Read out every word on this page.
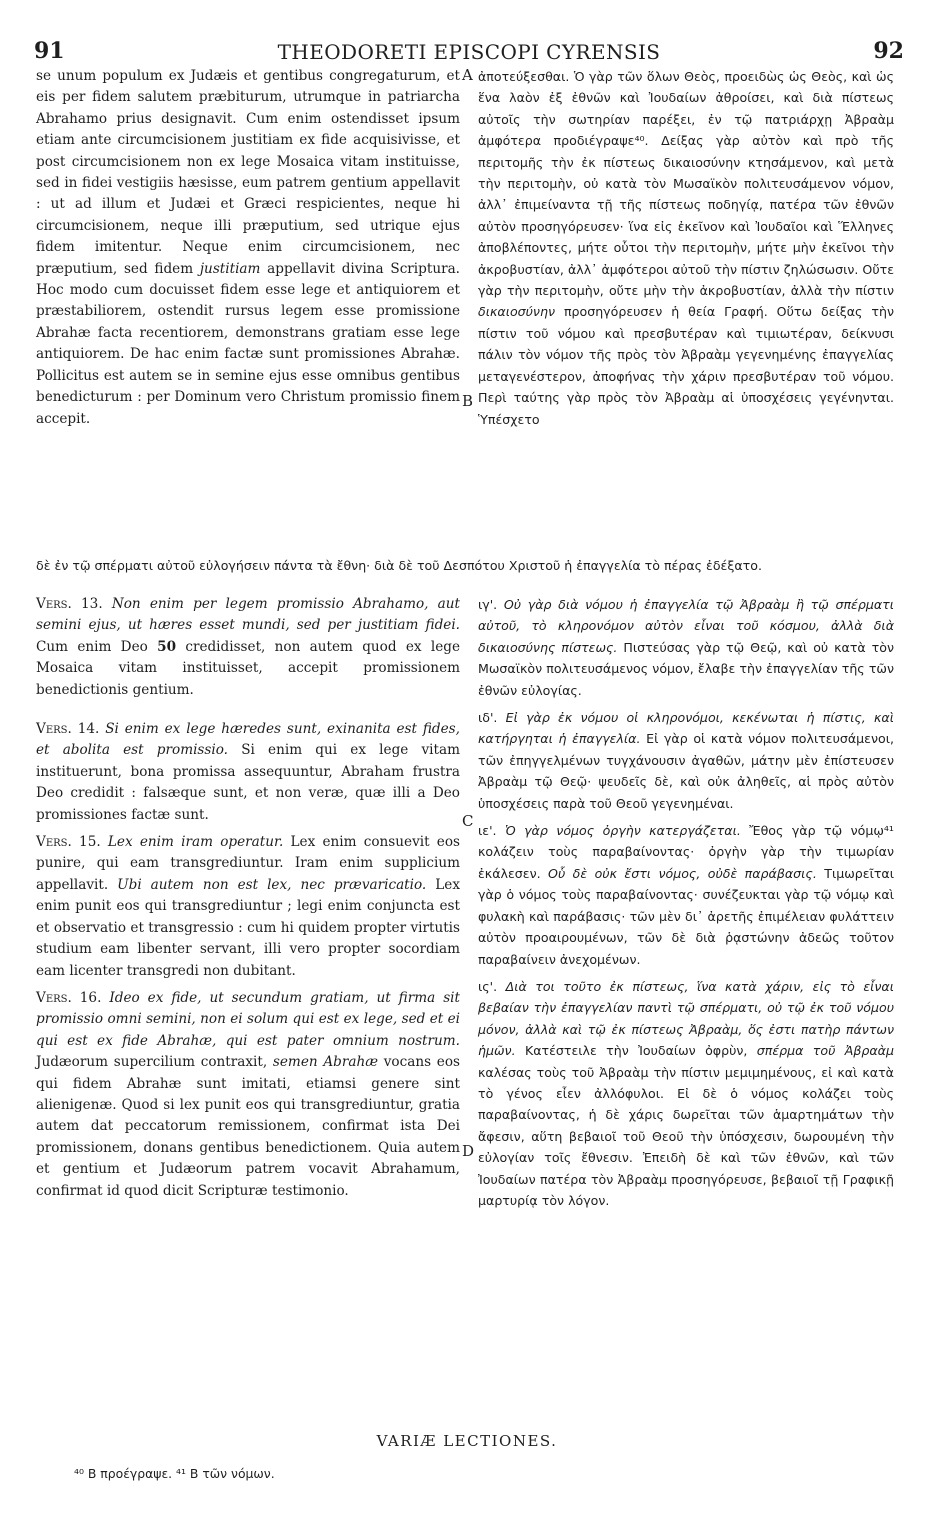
91	THEODORETI EPISCOPI CYRENSIS	92

se unum populum ex Judæis et gentibus congregaturum, et eis per fidem salutem præbiturum, utrumque in patriarcha Abrahamo prius designavit. Cum enim ostendisset ipsum etiam ante circumcisionem justitiam ex fide acquisivisse, et post circumcisionem non ex lege Mosaica vitam instituisse, sed in fidei vestigiis hæsisse, eum patrem gentium appellavit : ut ad illum et Judæi et Græci respicientes, neque hi circumcisionem, neque illi præputium, sed utrique ejus fidem imitentur. Neque enim circumcisionem, nec præputium, sed fidem justitiam appellavit divina Scriptura. Hoc modo cum docuisset fidem esse lege et antiquiorem et præstabiliorem, ostendit rursus legem esse promissione Abrahæ facta recentiorem, demonstrans gratiam esse lege antiquiorem. De hac enim factæ sunt promissiones Abrahæ. Pollicitus est autem se in semine ejus esse omnibus gentibus benedicturum : per Dominum vero Christum promissio finem accepit.

A
B

ἀποτεύξεσθαι. Ὁ γὰρ τῶν ὅλων Θεὸς, προειδὼς ὡς Θεὸς, καὶ ὡς ἕνα λαὸν ἐξ ἐθνῶν καὶ Ἰουδαίων ἀθροίσει, καὶ διὰ πίστεως αὐτοῖς τὴν σωτηρίαν παρέξει, ἐν τῷ πατριάρχῃ Ἀβραὰμ ἀμφότερα προδιέγραψε⁴⁰. Δείξας γὰρ αὐτὸν καὶ πρὸ τῆς περιτομῆς τὴν ἐκ πίστεως δικαιοσύνην κτησάμενον, καὶ μετὰ τὴν περιτομὴν, οὐ κατὰ τὸν Μωσαϊκὸν πολιτευσάμενον νόμον, ἀλλ᾿ ἐπιμείναντα τῇ τῆς πίστεως ποδηγίᾳ, πατέρα τῶν ἐθνῶν αὐτὸν προσηγόρευσεν· ἵνα εἰς ἐκεῖνον καὶ Ἰουδαῖοι καὶ Ἕλληνες ἀποβλέποντες, μήτε οὗτοι τὴν περιτομὴν, μήτε μὴν ἐκεῖνοι τὴν ἀκροβυστίαν, ἀλλ᾿ ἀμφότεροι αὐτοῦ τὴν πίστιν ζηλώσωσιν. Οὔτε γὰρ τὴν περιτομὴν, οὔτε μὴν τὴν ἀκροβυστίαν, ἀλλὰ τὴν πίστιν δικαιοσύνην προσηγόρευσεν ἡ θεία Γραφή. Οὕτω δείξας τὴν πίστιν τοῦ νόμου καὶ πρεσβυτέραν καὶ τιμιωτέραν, δείκνυσι πάλιν τὸν νόμον τῆς πρὸς τὸν Ἀβραὰμ γεγενημένης ἐπαγγελίας μεταγενέστερον, ἀποφήνας τὴν χάριν πρεσβυτέραν τοῦ νόμου. Περὶ ταύτης γὰρ πρὸς τὸν Ἀβραὰμ αἱ ὑποσχέσεις γεγένηνται. Ὑπέσχετο

δὲ ἐν τῷ σπέρματι αὐτοῦ εὐλογήσειν πάντα τὰ ἔθνη· διὰ δὲ τοῦ Δεσπότου Χριστοῦ ἡ ἐπαγγελία τὸ πέρας ἐδέξατο.

Vers. 13. Non enim per legem promissio Abrahamo, aut semini ejus, ut hæres esset mundi, sed per justitiam fidei. Cum enim Deo 50 credidisset, non autem quod ex lege Mosaica vitam instituisset, accepit promissionem benedictionis gentium.

Vers. 14. Si enim ex lege hæredes sunt, exinanita est fides, et abolita est promissio. Si enim qui ex lege vitam instituerunt, bona promissa assequuntur, Abraham frustra Deo credidit : falsæque sunt, et non veræ, quæ illi a Deo promissiones factæ sunt.

Vers. 15. Lex enim iram operatur. Lex enim consuevit eos punire, qui eam transgrediuntur. Iram enim supplicium appellavit. Ubi autem non est lex, nec prævaricatio. Lex enim punit eos qui transgrediuntur ; legi enim conjuncta est et observatio et transgressio : cum hi quidem propter virtutis studium eam libenter servant, illi vero propter socordiam eam licenter transgredi non dubitant.

Vers. 16. Ideo ex fide, ut secundum gratiam, ut firma sit promissio omni semini, non ei solum qui est ex lege, sed et ei qui est ex fide Abrahæ, qui est pater omnium nostrum. Judæorum supercilium contraxit, semen Abrahæ vocans eos qui fidem Abrahæ sunt imitati, etiamsi genere sint alienigenæ. Quod si lex punit eos qui transgrediuntur, gratia autem dat peccatorum remissionem, confirmat ista Dei promissionem, donans gentibus benedictionem. Quia autem et gentium et Judæorum patrem vocavit Abrahamum, confirmat id quod dicit Scripturæ testimonio.

C
D

ιγ'. Οὐ γὰρ διὰ νόμου ἡ ἐπαγγελία τῷ Ἀβραὰμ ἢ τῷ σπέρματι αὐτοῦ, τὸ κληρονόμον αὐτὸν εἶναι τοῦ κόσμου, ἀλλὰ διὰ δικαιοσύνης πίστεως. Πιστεύσας γὰρ τῷ Θεῷ, καὶ οὐ κατὰ τὸν Μωσαϊκὸν πολιτευσάμενος νόμον, ἔλαβε τὴν ἐπαγγελίαν τῆς τῶν ἐθνῶν εὐλογίας.

ιδ'. Εἰ γὰρ ἐκ νόμου οἱ κληρονόμοι, κεκένωται ἡ πίστις, καὶ κατήργηται ἡ ἐπαγγελία. Εἰ γὰρ οἱ κατὰ νόμον πολιτευσάμενοι, τῶν ἐπηγγελμένων τυγχάνουσιν ἀγαθῶν, μάτην μὲν ἐπίστευσεν Ἀβραὰμ τῷ Θεῷ· ψευδεῖς δὲ, καὶ οὐκ ἀληθεῖς, αἱ πρὸς αὐτὸν ὑποσχέσεις παρὰ τοῦ Θεοῦ γεγενημέναι.

ιε'. Ὁ γὰρ νόμος ὀργὴν κατεργάζεται. Ἔθος γὰρ τῷ νόμῳ⁴¹ κολάζειν τοὺς παραβαίνοντας· ὀργὴν γὰρ τὴν τιμωρίαν ἐκάλεσεν. Οὗ δὲ οὐκ ἔστι νόμος, οὐδὲ παράβασις. Τιμωρεῖται γὰρ ὁ νόμος τοὺς παραβαίνοντας· συνέζευκται γὰρ τῷ νόμῳ καὶ φυλακὴ καὶ παράβασις· τῶν μὲν δι᾿ ἀρετῆς ἐπιμέλειαν φυλάττειν αὐτὸν προαιρουμένων, τῶν δὲ διὰ ῥᾳστώνην ἀδεῶς τοῦτον παραβαίνειν ἀνεχομένων.

ις'. Διὰ τοι τοῦτο ἐκ πίστεως, ἵνα κατὰ χάριν, εἰς τὸ εἶναι βεβαίαν τὴν ἐπαγγελίαν παντὶ τῷ σπέρματι, οὐ τῷ ἐκ τοῦ νόμου μόνον, ἀλλὰ καὶ τῷ ἐκ πίστεως Ἀβραὰμ, ὅς ἐστι πατὴρ πάντων ἡμῶν. Κατέστειλε τὴν Ἰουδαίων ὀφρὺν, σπέρμα τοῦ Ἀβραὰμ καλέσας τοὺς τοῦ Ἀβραὰμ τὴν πίστιν μεμιμημένους, εἰ καὶ κατὰ τὸ γένος εἶεν ἀλλόφυλοι. Εἰ δὲ ὁ νόμος κολάζει τοὺς παραβαίνοντας, ἡ δὲ χάρις δωρεῖται τῶν ἁμαρτημάτων τὴν ἄφεσιν, αὕτη βεβαιοῖ τοῦ Θεοῦ τὴν ὑπόσχεσιν, δωρουμένη τὴν εὐλογίαν τοῖς ἔθνεσιν. Ἐπειδὴ δὲ καὶ τῶν ἐθνῶν, καὶ τῶν Ἰουδαίων πατέρα τὸν Ἀβραὰμ προσηγόρευσε, βεβαιοῖ τῇ Γραφικῇ μαρτυρίᾳ τὸν λόγον.

VARIÆ LECTIONES.
⁴⁰ B προέγραψε. ⁴¹ B τῶν νόμων.
